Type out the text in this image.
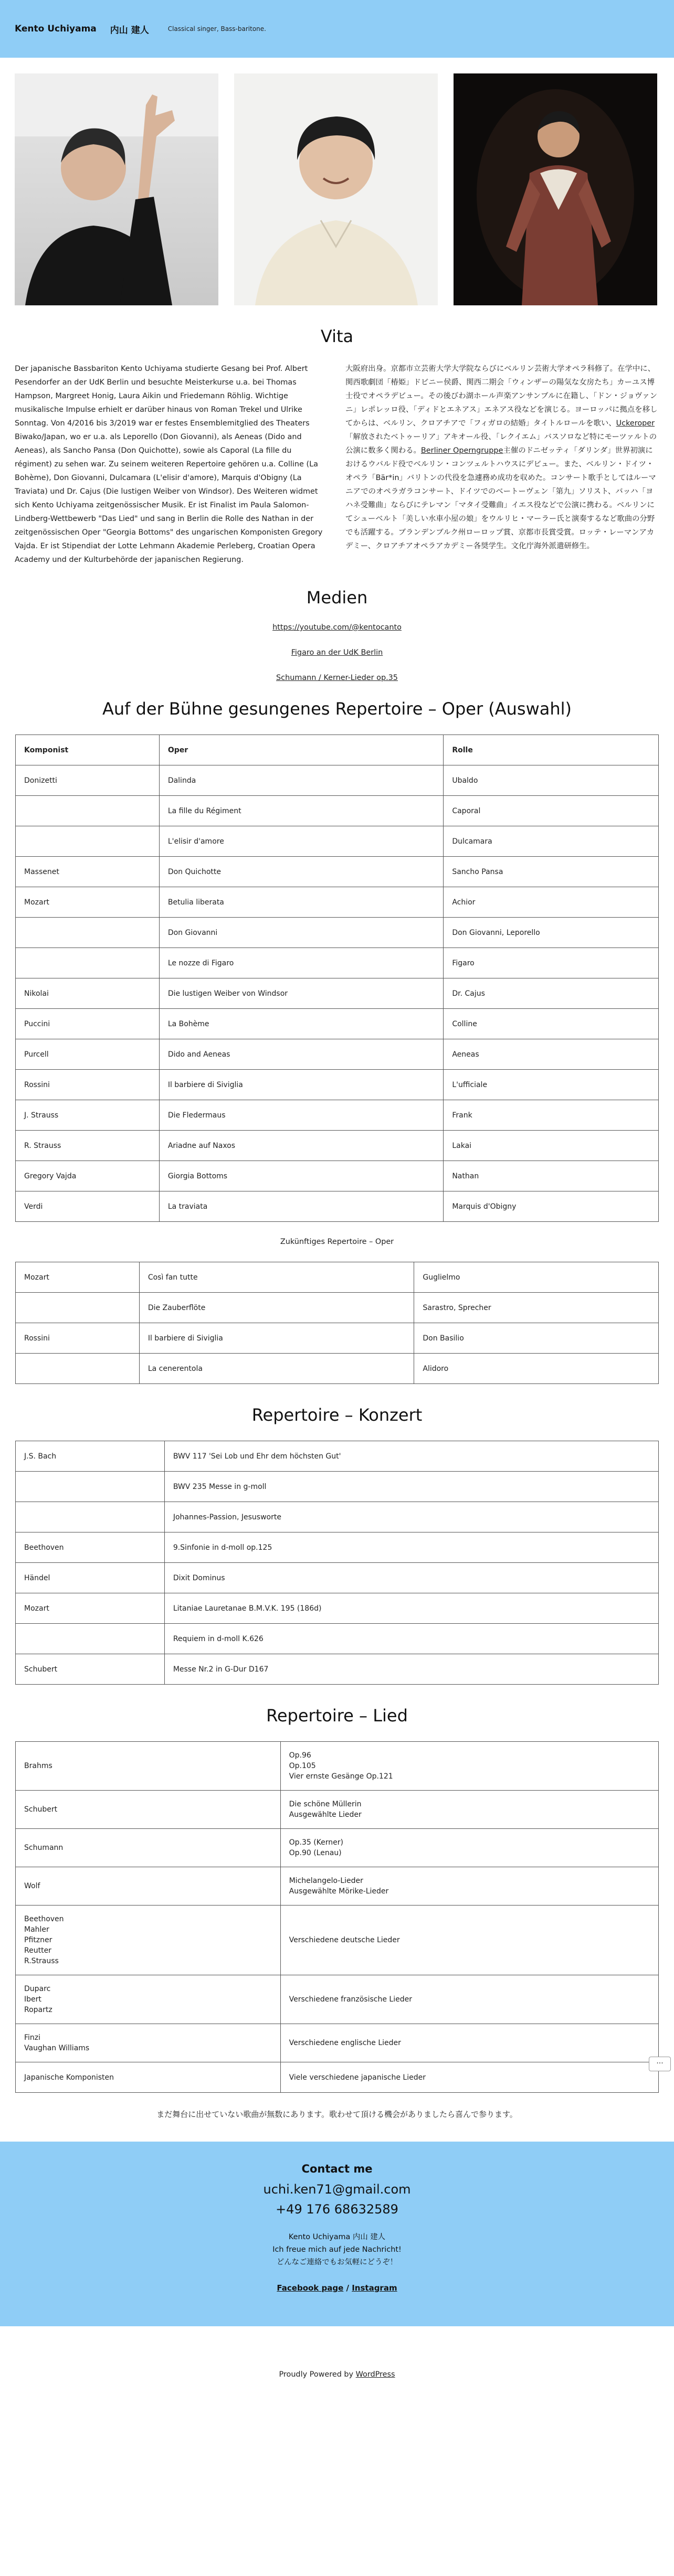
Kento Uchiyama 内山 建人	Classical singer, Bass-baritone.
Vita
Der japanische Bassbariton Kento Uchiyama studierte Gesang bei Prof. Albert Pesendorfer an der UdK Berlin und besuchte Meisterkurse u.a. bei Thomas Hampson, Margreet Honig, Laura Aikin und Friedemann Röhlig. Wichtige musikalische Impulse erhielt er darüber hinaus von Roman Trekel und Ulrike Sonntag. Von 4/2016 bis 3/2019 war er festes Ensemblemitglied des Theaters Biwako/Japan, wo er u.a. als Leporello (Don Giovanni), als Aeneas (Dido and Aeneas), als Sancho Pansa (Don Quichotte), sowie als Caporal (La fille du régiment) zu sehen war. Zu seinem weiteren Repertoire gehören u.a. Colline (La Bohème), Don Giovanni, Dulcamara (L'elisir d'amore), Marquis d'Obigny (La Traviata) und Dr. Cajus (Die lustigen Weiber von Windsor). Des Weiteren widmet sich Kento Uchiyama zeitgenössischer Musik. Er ist Finalist im Paula Salomon-Lindberg-Wettbewerb "Das Lied" und sang in Berlin die Rolle des Nathan in der zeitgenössischen Oper "Georgia Bottoms" des ungarischen Komponisten Gregory Vajda. Er ist Stipendiat der Lotte Lehmann Akademie Perleberg, Croatian Opera Academy und der Kulturbehörde der japanischen Regierung.
大阪府出身。京都市立芸術大学大学院ならびにベルリン芸術大学オペラ科修了。在学中に、関西歌劇団「椿姫」ドビニー侯爵、関西二期会「ウィンザーの陽気な女房たち」カーユス博士役でオペラデビュー。その後びわ湖ホール声楽アンサンブルに在籍し、「ドン・ジョヴァンニ」レポレッロ役、「ディドとエネアス」エネアス役などを演じる。ヨーロッパに拠点を移してからは、ベルリン、クロアチアで「フィガロの結婚」タイトルロールを歌い、Uckeroper「解放されたベトゥーリア」アキオール役、「レクイエム」バスソロなど特にモーツァルトの公演に数多く関わる。Berliner Operngruppe主催のドニゼッティ「ダリンダ」世界初演におけるウバルド役でベルリン・コンツェルトハウスにデビュー。また、ベルリン・ドイツ・オペラ「Bär*in」バリトンの代役を急遽務め成功を収めた。コンサート歌手としてはルーマニアでのオペラガラコンサート、ドイツでのベートーヴェン「第九」ソリスト、バッハ「ヨハネ受難曲」ならびにテレマン「マタイ受難曲」イエス役などで公演に携わる。ベルリンにてシューベルト「美しい水車小屋の娘」をウルリヒ・マーラー氏と演奏するなど歌曲の分野でも活躍する。ブランデンブルク州ローロップ賞、京都市長賞受賞。ロッテ・レーマンアカデミー、クロアチアオペラアカデミー各奨学生。文化庁海外派遣研修生。
Medien
https://youtube.com/@kentocanto
Figaro an der UdK Berlin
Schumann / Kerner-Lieder op.35
Auf der Bühne gesungenes Repertoire – Oper (Auswahl)
Komponist	Oper	Rolle
Donizetti	Dalinda	Ubaldo
	La fille du Régiment	Caporal
	L'elisir d'amore	Dulcamara
Massenet	Don Quichotte	Sancho Pansa
Mozart	Betulia liberata	Achior
	Don Giovanni	Don Giovanni, Leporello
	Le nozze di Figaro	Figaro
Nikolai	Die lustigen Weiber von Windsor	Dr. Cajus
Puccini	La Bohème	Colline
Purcell	Dido and Aeneas	Aeneas
Rossini	Il barbiere di Siviglia	L'ufficiale
J. Strauss	Die Fledermaus	Frank
R. Strauss	Ariadne auf Naxos	Lakai
Gregory Vajda	Giorgia Bottoms	Nathan
Verdi	La traviata	Marquis d'Obigny
Zukünftiges Repertoire – Oper
Mozart	Così fan tutte	Guglielmo
	Die Zauberflöte	Sarastro, Sprecher
Rossini	Il barbiere di Siviglia	Don Basilio
	La cenerentola	Alidoro
Repertoire – Konzert
J.S. Bach	BWV 117 'Sei Lob und Ehr dem höchsten Gut'
	BWV 235 Messe in g-moll
	Johannes-Passion, Jesusworte
Beethoven	9.Sinfonie in d-moll op.125
Händel	Dixit Dominus
Mozart	Litaniae Lauretanae B.M.V.K. 195 (186d)
	Requiem in d-moll K.626
Schubert	Messe Nr.2 in G-Dur D167
Repertoire – Lied
Brahms	Op.96
Op.105
Vier ernste Gesänge Op.121

Schubert	Die schöne Müllerin
Ausgewählte Lieder

Schumann	Op.35 (Kerner)
Op.90 (Lenau)

Wolf	Michelangelo-Lieder
Ausgewählte Mörike-Lieder

Beethoven
Mahler
Pfitzner
Reutter
R.Strauss	Verschiedene deutsche Lieder

Duparc
Ibert
Ropartz	Verschiedene französische Lieder

Finzi
Vaughan Williams	Verschiedene englische Lieder

Japanische Komponisten	Viele verschiedene japanische Lieder
まだ舞台に出せていない歌曲が無数にあります。歌わせて頂ける機会がありましたら喜んで参ります。
Contact me
uchi.ken71@gmail.com
+49 176 68632589
Kento Uchiyama 内山 建人
Ich freue mich auf jede Nachricht!
どんなご連絡でもお気軽にどうぞ！
Facebook page / Instagram
Proudly Powered by WordPress
···
